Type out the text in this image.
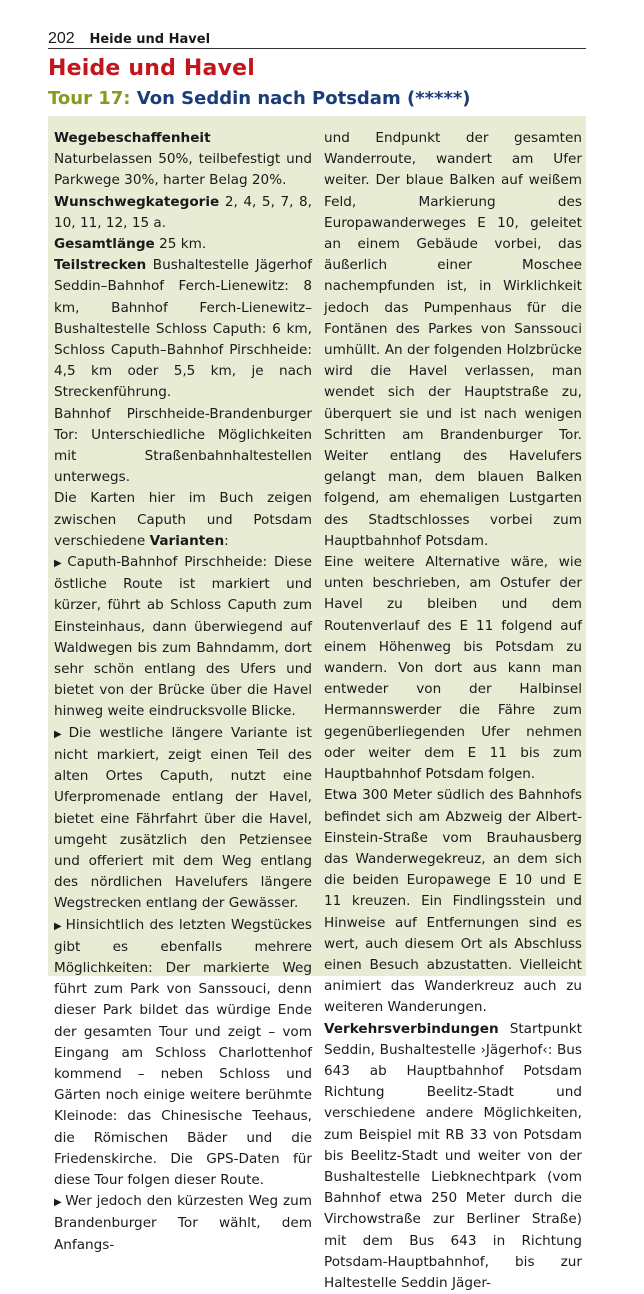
202 Heide und Havel
Heide und Havel
Tour 17: Von Seddin nach Potsdam (*****)

Wegebeschaffenheit Naturbelassen 50%, teilbefestigt und Parkwege 30%, harter Belag 20%.

Wunschwegkategorie 2, 4, 5, 7, 8, 10, 11, 12, 15 a.

Gesamtlänge 25 km.

Teilstrecken Bushaltestelle Jägerhof Seddin–Bahnhof Ferch-Lienewitz: 8 km, Bahnhof Ferch-Lienewitz–Bushaltestelle Schloss Caputh: 6 km, Schloss Caputh–Bahnhof Pirschheide: 4,5 km oder 5,5 km, je nach Streckenführung.

Bahnhof Pirschheide-Brandenburger Tor: Unterschiedliche Möglichkeiten mit Straßenbahnhaltestellen unterwegs.

Die Karten hier im Buch zeigen zwischen Caputh und Potsdam verschiedene Varianten:

▶ Caputh-Bahnhof Pirschheide: Diese östliche Route ist markiert und kürzer, führt ab Schloss Caputh zum Einsteinhaus, dann überwiegend auf Waldwegen bis zum Bahndamm, dort sehr schön entlang des Ufers und bietet von der Brücke über die Havel hinweg weite eindrucksvolle Blicke.

▶ Die westliche längere Variante ist nicht markiert, zeigt einen Teil des alten Ortes Caputh, nutzt eine Uferpromenade entlang der Havel, bietet eine Fährfahrt über die Havel, umgeht zusätzlich den Petziensee und offeriert mit dem Weg entlang des nördlichen Havelufers längere Wegstrecken entlang der Gewässer.

▶ Hinsichtlich des letzten Wegstückes gibt es ebenfalls mehrere Möglichkeiten: Der markierte Weg führt zum Park von Sanssouci, denn dieser Park bildet das würdige Ende der gesamten Tour und zeigt – vom Eingang am Schloss Charlottenhof kommend – neben Schloss und Gärten noch einige weitere berühmte Kleinode: das Chinesische Teehaus, die Römischen Bäder und die Friedenskirche. Die GPS-Daten für diese Tour folgen dieser Route.

▶ Wer jedoch den kürzesten Weg zum Brandenburger Tor wählt, dem Anfangs-

und Endpunkt der gesamten Wanderroute, wandert am Ufer weiter. Der blaue Balken auf weißem Feld, Markierung des Europawanderweges E 10, geleitet an einem Gebäude vorbei, das äußerlich einer Moschee nachempfunden ist, in Wirklichkeit jedoch das Pumpenhaus für die Fontänen des Parkes von Sanssouci umhüllt. An der folgenden Holzbrücke wird die Havel verlassen, man wendet sich der Hauptstraße zu, überquert sie und ist nach wenigen Schritten am Brandenburger Tor. Weiter entlang des Havelufers gelangt man, dem blauen Balken folgend, am ehemaligen Lustgarten des Stadtschlosses vorbei zum Hauptbahnhof Potsdam.

Eine weitere Alternative wäre, wie unten beschrieben, am Ostufer der Havel zu bleiben und dem Routenverlauf des E 11 folgend auf einem Höhenweg bis Potsdam zu wandern. Von dort aus kann man entweder von der Halbinsel Hermannswerder die Fähre zum gegenüberliegenden Ufer nehmen oder weiter dem E 11 bis zum Hauptbahnhof Potsdam folgen.

Etwa 300 Meter südlich des Bahnhofs befindet sich am Abzweig der Albert-Einstein-Straße vom Brauhausberg das Wanderwegekreuz, an dem sich die beiden Europawege E 10 und E 11 kreuzen. Ein Findlingsstein und Hinweise auf Entfernungen sind es wert, auch diesem Ort als Abschluss einen Besuch abzustatten. Vielleicht animiert das Wanderkreuz auch zu weiteren Wanderungen.

Verkehrsverbindungen Startpunkt Seddin, Bushaltestelle ›Jägerhof‹: Bus 643 ab Hauptbahnhof Potsdam Richtung Beelitz-Stadt und verschiedene andere Möglichkeiten, zum Beispiel mit RB 33 von Potsdam bis Beelitz-Stadt und weiter von der Bushaltestelle Liebknechtpark (vom Bahnhof etwa 250 Meter durch die Virchowstraße zur Berliner Straße) mit dem Bus 643 in Richtung Potsdam-Hauptbahnhof, bis zur Haltestelle Seddin Jäger-
